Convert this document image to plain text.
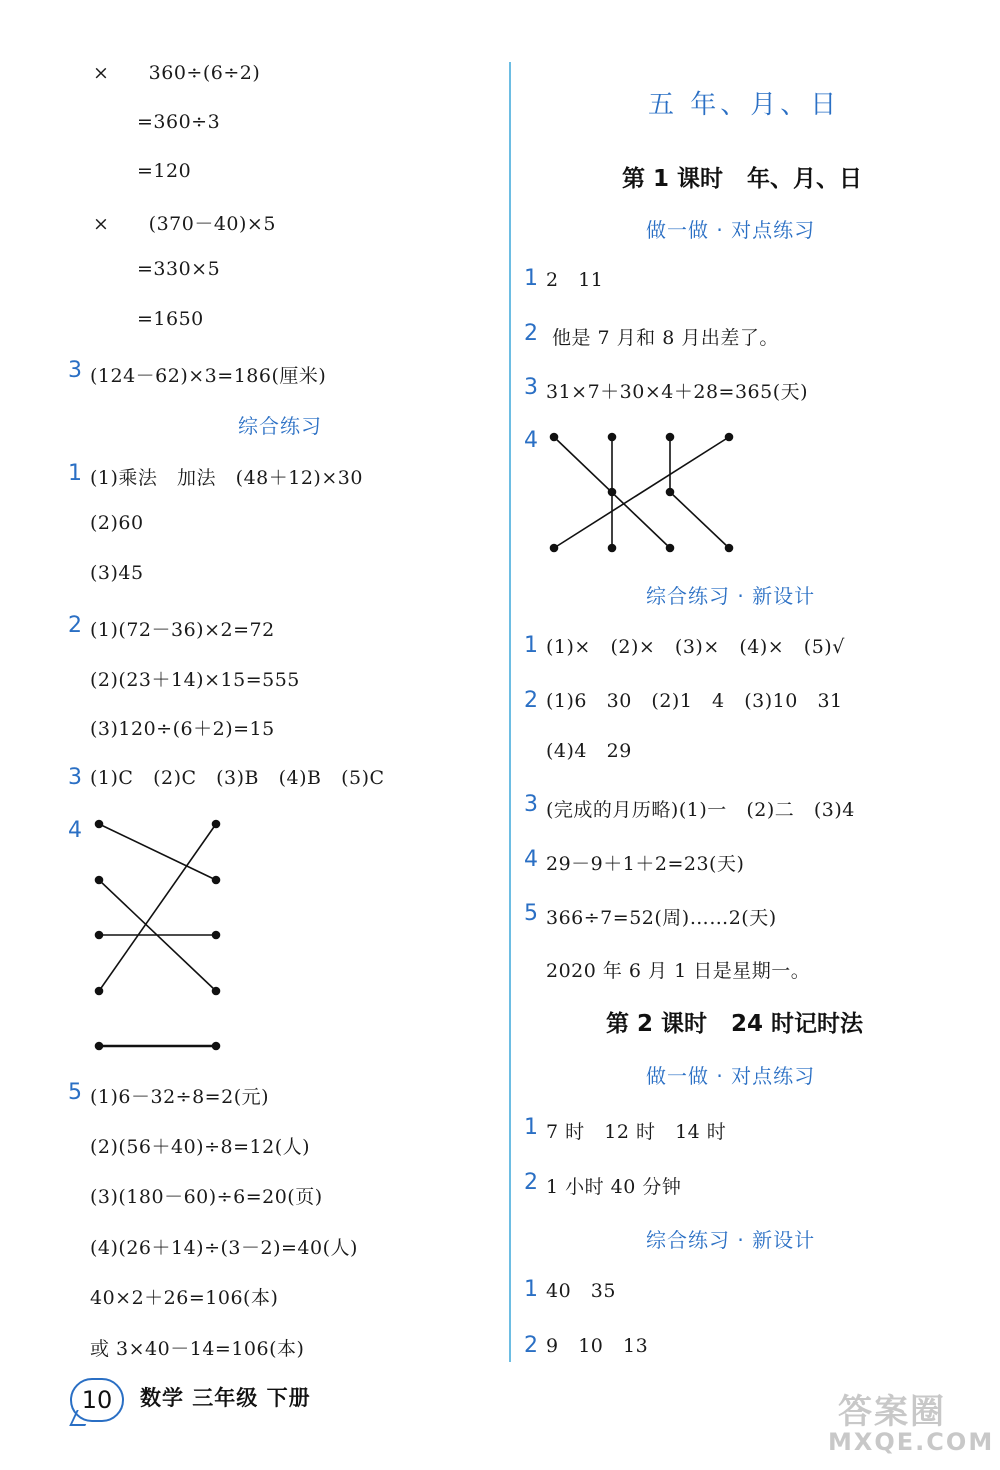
×      360÷(6÷2)
=360÷3
=120
×      (370－40)×5
=330×5
=1650
3 (124－62)×3=186(厘米)
综合练习
1 (1)乘法   加法   (48＋12)×30
(2)60
(3)45
2 (1)(72－36)×2=72
(2)(23＋14)×15=555
(3)120÷(6＋2)=15
3 (1)C   (2)C   (3)B   (4)B   (5)C
4
5 (1)6－32÷8=2(元)
(2)(56＋40)÷8=12(人)
(3)(180－60)÷6=20(页)
(4)(26＋14)÷(3－2)=40(人)
40×2＋26=106(本)
或 3×40－14=106(本)
五 年、月、日
第 1 课时   年、月、日
做一做 · 对点练习
1 2   11
2 他是 7 月和 8 月出差了。
3 31×7＋30×4＋28=365(天)
4
综合练习 · 新设计
1 (1)×   (2)×   (3)×   (4)×   (5)√
2 (1)6   30   (2)1   4   (3)10   31
(4)4   29
3 (完成的月历略)(1)一   (2)二   (3)4
4 29－9＋1＋2=23(天)
5 366÷7=52(周)……2(天)
2020 年 6 月 1 日是星期一。
第 2 课时   24 时记时法
做一做 · 对点练习
1 7 时   12 时   14 时
2 1 小时 40 分钟
综合练习 · 新设计
1 40   35
2 9   10   13
10	数学 三年级 下册	答案圈
MXQE.COM
